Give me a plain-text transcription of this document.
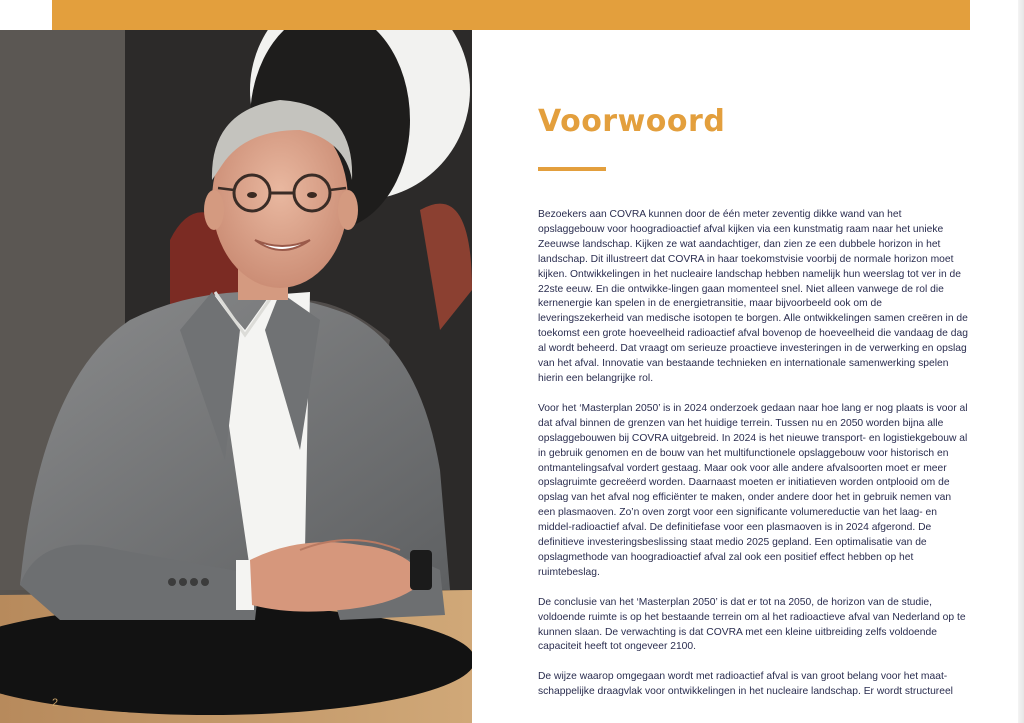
2
Voorwoord

Bezoekers aan COVRA kunnen door de één meter zeventig dikke wand van het opslaggebouw voor hoogradioactief afval kijken via een kunstmatig raam naar het unieke Zeeuwse landschap. Kijken ze wat aandachtiger, dan zien ze een dubbele horizon in het landschap. Dit illustreert dat COVRA in haar toekomstvisie voorbij de normale horizon moet kijken. Ontwikkelingen in het nucleaire landschap hebben namelijk hun weerslag tot ver in de 22ste eeuw. En die ontwikke-lingen gaan momenteel snel. Niet alleen vanwege de rol die kernenergie kan spelen in de energietransitie, maar bijvoorbeeld ook om de leveringszekerheid van medische isotopen te borgen. Alle ontwikkelingen samen creëren in de toekomst een grote hoeveelheid radioactief afval bovenop de hoeveelheid die vandaag de dag al wordt beheerd. Dat vraagt om serieuze proactieve investeringen in de verwerking en opslag van het afval. Innovatie van bestaande technieken en internationale samenwerking spelen hierin een belangrijke rol.

Voor het ‘Masterplan 2050’ is in 2024 onderzoek gedaan naar hoe lang er nog plaats is voor al dat afval binnen de grenzen van het huidige terrein. Tussen nu en 2050 worden bijna alle opslaggebouwen bij COVRA uitgebreid. In 2024 is het nieuwe transport- en logistiekgebouw al in gebruik genomen en de bouw van het multifunctionele opslaggebouw voor historisch en ontmantelingsafval vordert gestaag. Maar ook voor alle andere afvalsoorten moet er meer opslagruimte gecreëerd worden. Daarnaast moeten er initiatieven worden ontplooid om de opslag van het afval nog efficiënter te maken, onder andere door het in gebruik nemen van een plasmaoven. Zo’n oven zorgt voor een significante volumereductie van het laag- en middel-radioactief afval. De definitiefase voor een plasmaoven is in 2024 afgerond. De definitieve investeringsbeslissing staat medio 2025 gepland. Een optimalisatie van de opslagmethode van hoogradioactief afval zal ook een positief effect hebben op het ruimtebeslag.

De conclusie van het ‘Masterplan 2050’ is dat er tot na 2050, de horizon van de studie, voldoende ruimte is op het bestaande terrein om al het radioactieve afval van Nederland op te kunnen slaan. De verwachting is dat COVRA met een kleine uitbreiding zelfs voldoende capaciteit heeft tot ongeveer 2100.

De wijze waarop omgegaan wordt met radioactief afval is van groot belang voor het maat-schappelijke draagvlak voor ontwikkelingen in het nucleaire landschap. Er wordt structureel
